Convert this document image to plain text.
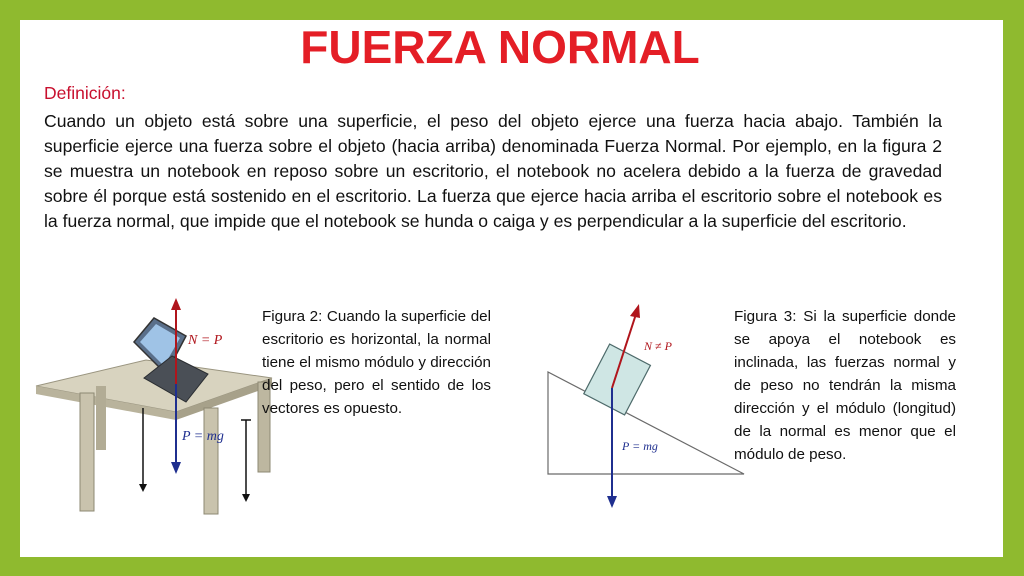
FUERZA NORMAL
Definición:
Cuando un objeto está sobre una superficie, el peso del objeto ejerce una fuerza hacia abajo. También la superficie ejerce una fuerza sobre el objeto (hacia arriba) denominada Fuerza Normal. Por ejemplo, en la figura 2 se muestra un notebook en reposo sobre un escritorio, el notebook no acelera debido a la fuerza de gravedad sobre él porque está sostenido en el escritorio. La fuerza que ejerce hacia arriba el escritorio sobre el notebook es la fuerza normal, que impide que el notebook se hunda o caiga y es perpendicular a la superficie del escritorio.
N = P
P = mg
Figura 2: Cuando la superficie del escritorio es horizontal, la normal tiene el mismo módulo y dirección del peso, pero el sentido de los vectores es opuesto.
N ≠ P
P = mg
Figura 3: Si la superficie donde se apoya el notebook es inclinada, las fuerzas normal y de peso no tendrán la misma dirección y el módulo (longitud) de la normal es menor que el módulo de peso.
